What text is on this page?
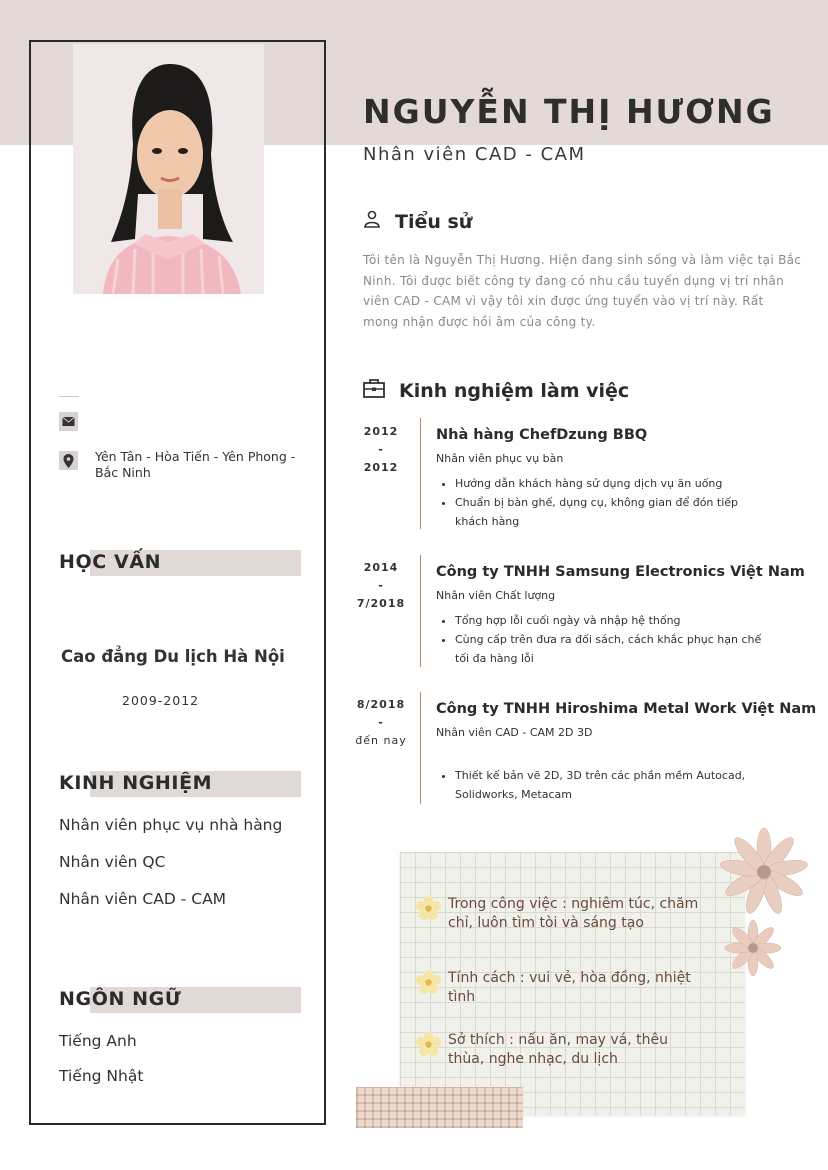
NGUYỄN THỊ HƯƠNG
Nhân viên CAD - CAM
Tiểu sử
Tôi tên là Nguyễn Thị Hương. Hiện đang sinh sống và làm việc tại Bắc Ninh. Tôi được biết công ty đang có nhu cầu tuyển dụng vị trí nhân viên CAD - CAM vì vậy tôi xin được ứng tuyển vào vị trí này. Rất mong nhận được hồi âm của công ty.
Yên Tân - Hòa Tiến - Yên Phong - Bắc Ninh
HỌC VẤN
Cao đẳng Du lịch Hà Nội
2009-2012
KINH NGHIỆM
Nhân viên phục vụ nhà hàng
Nhân viên QC
Nhân viên CAD - CAM
NGÔN NGỮ
Tiếng Anh
Tiếng Nhật
Kinh nghiệm làm việc
2012
-
2012
Nhà hàng ChefDzung BBQ
Nhân viên phục vụ bàn
• Hướng dẫn khách hàng sử dụng dịch vụ ăn uống
• Chuẩn bị bàn ghế, dụng cụ, không gian để đón tiếp khách hàng
2014
-
7/2018
Công ty TNHH Samsung Electronics Việt Nam
Nhân viên Chất lượng
• Tổng hợp lỗi cuối ngày và nhập hệ thống
• Cùng cấp trên đưa ra đối sách, cách khắc phục hạn chế tối đa hàng lỗi
8/2018
-
đến nay
Công ty TNHH Hiroshima Metal Work Việt Nam
Nhân viên CAD - CAM 2D 3D
• Thiết kế bản vẽ 2D, 3D trên các phần mềm Autocad, Solidworks, Metacam
Trong công việc : nghiêm túc, chăm chỉ, luôn tìm tòi và sáng tạo
Tính cách : vui vẻ, hòa đồng, nhiệt tình
Sở thích : nấu ăn, may vá, thêu thùa, nghe nhạc, du lịch
